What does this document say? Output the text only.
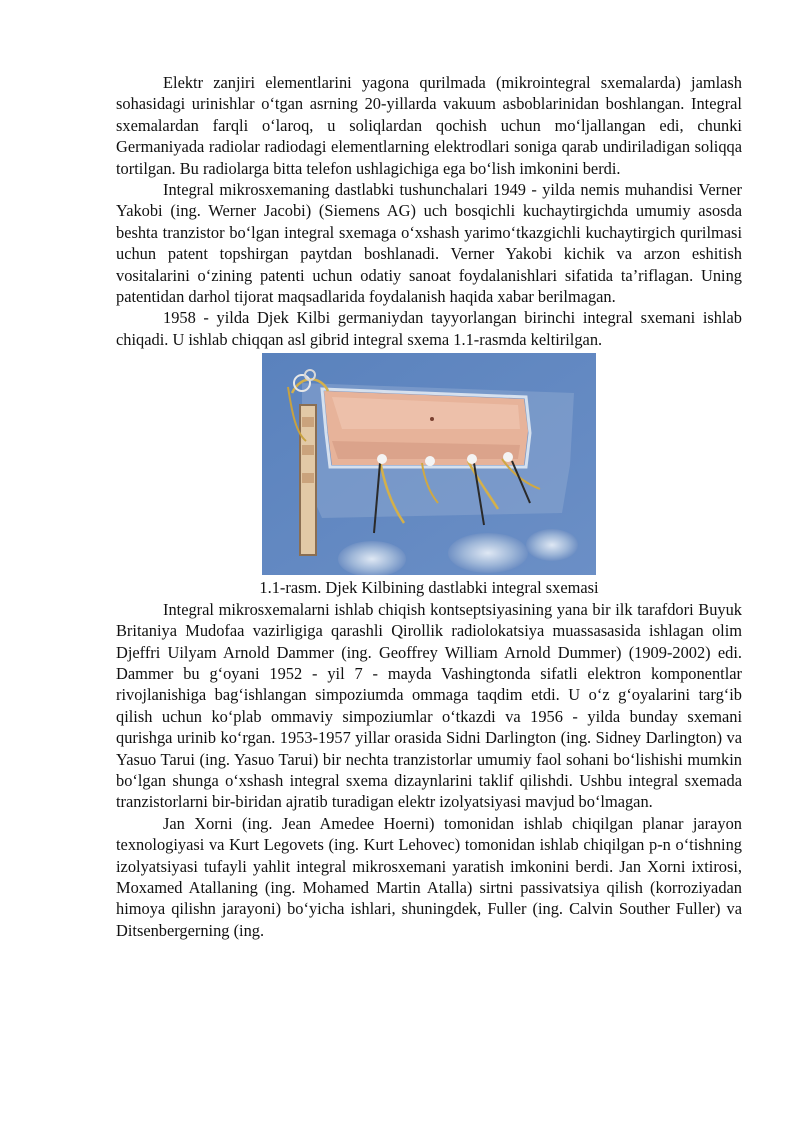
Elektr zanjiri elementlarini yagona qurilmada (mikrointegral sxemalarda) jamlash sohasidagi urinishlar o‘tgan asrning 20-yillarda vakuum asboblarinidan boshlangan. Integral sxemalardan farqli o‘laroq, u soliqlardan qochish uchun mo‘ljallangan edi, chunki Germaniyada radiolar radiodagi elementlarning elektrodlari soniga qarab undiriladigan soliqqa tortilgan. Bu radiolarga bitta telefon ushlagichiga ega bo‘lish imkonini berdi.

Integral mikrosxemaning dastlabki tushunchalari 1949 - yilda nemis muhandisi Verner Yakobi (ing. Werner Jacobi) (Siemens AG) uch bosqichli kuchaytirgichda umumiy asosda beshta tranzistor bo‘lgan integral sxemaga o‘xshash yarimo‘tkazgichli kuchaytirgich qurilmasi uchun patent topshirgan paytdan boshlanadi. Verner Yakobi kichik va arzon eshitish vositalarini o‘zining patenti uchun odatiy sanoat foydalanishlari sifatida ta’riflagan. Uning patentidan darhol tijorat maqsadlarida foydalanish haqida xabar berilmagan.

1958 - yilda Djek Kilbi germaniydan tayyorlangan birinchi integral sxemani ishlab chiqadi. U ishlab chiqqan asl gibrid integral sxema 1.1-rasmda keltirilgan.

1.1-rasm. Djek Kilbining dastlabki integral sxemasi

Integral mikrosxemalarni ishlab chiqish kontseptsiyasining yana bir ilk tarafdori Buyuk Britaniya Mudofaa vazirligiga qarashli Qirollik radiolokatsiya muassasasida ishlagan olim Djeffri Uilyam Arnold Dammer (ing. Geoffrey William Arnold Dummer) (1909-2002) edi. Dammer bu g‘oyani 1952 - yil 7 - mayda Vashingtonda sifatli elektron komponentlar rivojlanishiga bag‘ishlangan simpoziumda ommaga taqdim etdi. U o‘z g‘oyalarini targ‘ib qilish uchun ko‘plab ommaviy simpoziumlar o‘tkazdi va 1956 - yilda bunday sxemani qurishga urinib ko‘rgan. 1953-1957 yillar orasida Sidni Darlington (ing. Sidney Darlington) va Yasuo Tarui (ing. Yasuo Tarui) bir nechta tranzistorlar umumiy faol sohani bo‘lishishi mumkin bo‘lgan shunga o‘xshash integral sxema dizaynlarini taklif qilishdi. Ushbu integral sxemada tranzistorlarni bir-biridan ajratib turadigan elektr izolyatsiyasi mavjud bo‘lmagan.

Jan Xorni (ing. Jean Amedee Hoerni) tomonidan ishlab chiqilgan planar jarayon texnologiyasi va Kurt Legovets (ing. Kurt Lehovec) tomonidan ishlab chiqilgan p-n o‘tishning izolyatsiyasi tufayli yahlit integral mikrosxemani yaratish imkonini berdi. Jan Xorni ixtirosi, Moxamed Atallaning (ing. Mohamed Martin Atalla) sirtni passivatsiya qilish (korroziyadan himoya qilishn jarayoni) bo‘yicha ishlari, shuningdek, Fuller (ing. Calvin Souther Fuller) va Ditsenbergerning (ing.
